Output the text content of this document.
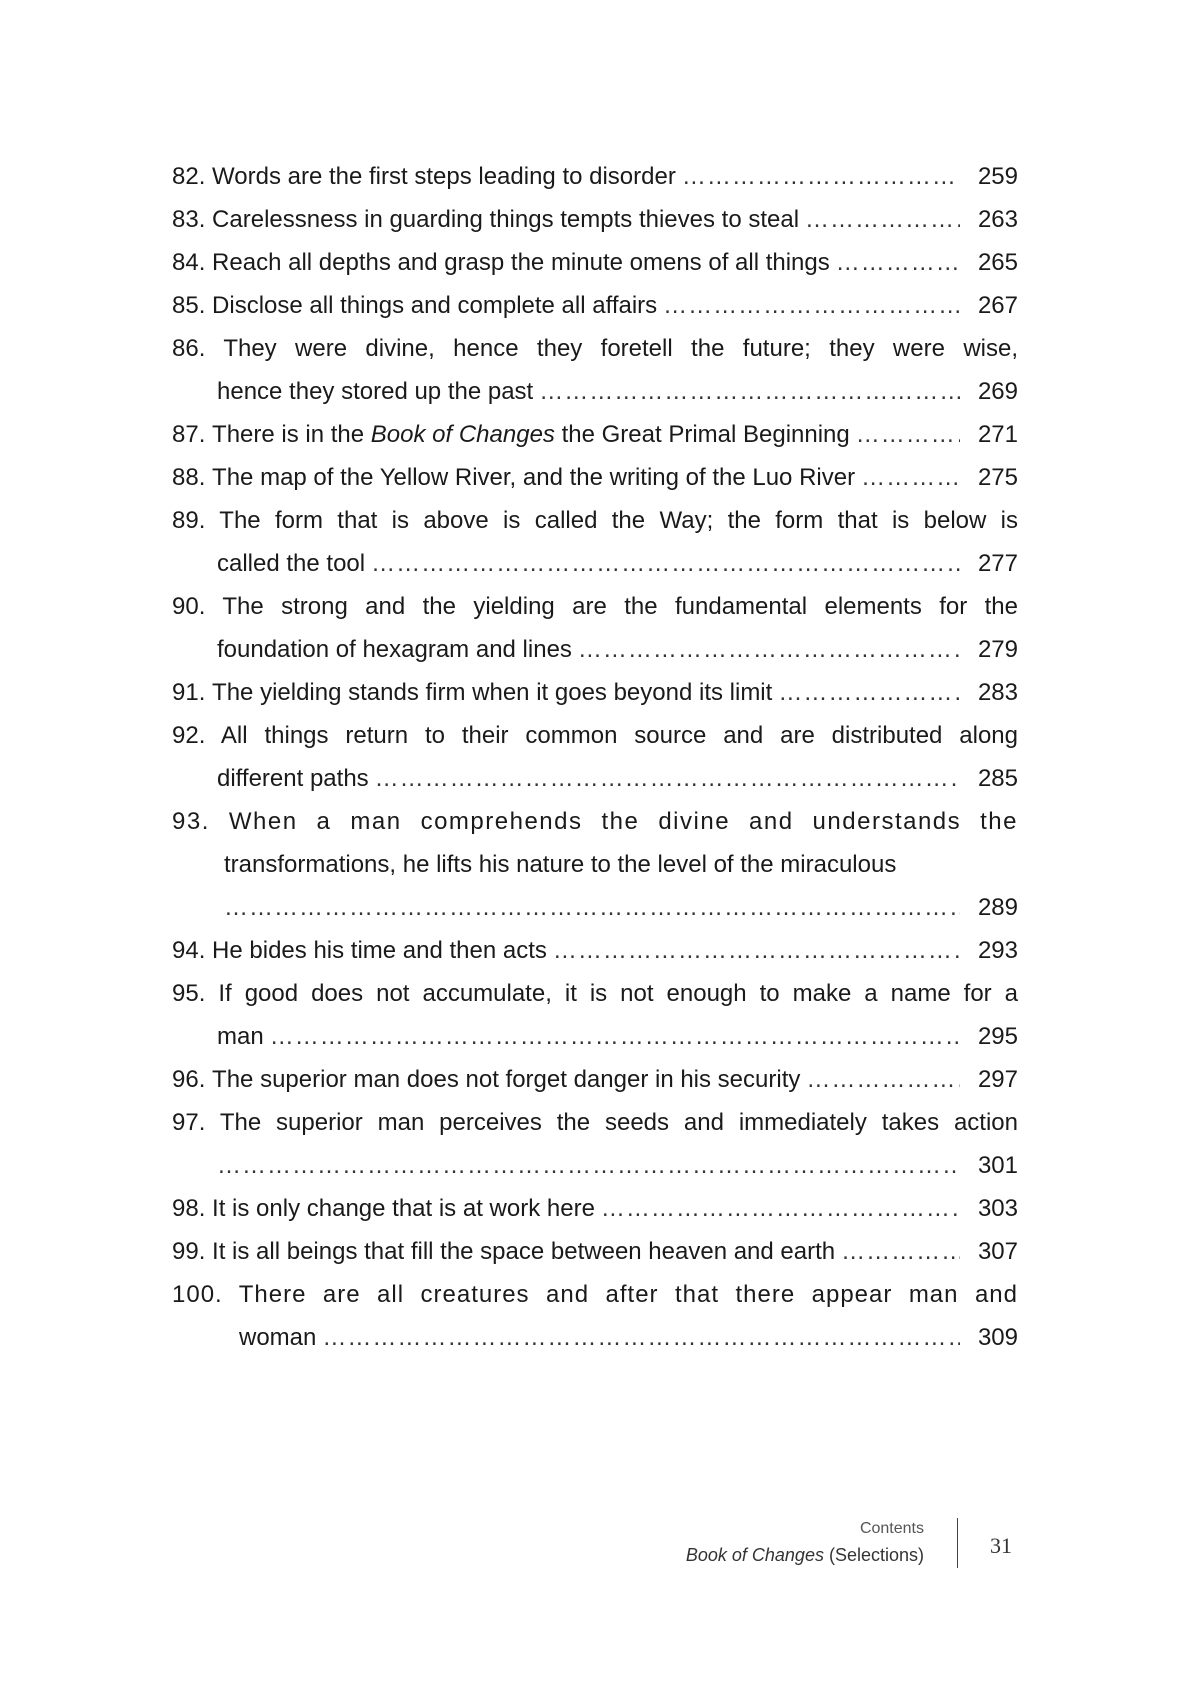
82.
Words are the first steps leading to disorder …………………………………………………………………………………………………………………………………………………………………………………………	259
83.
Carelessness in guarding things tempts thieves to steal …………………………………………………………………………………………………………………………………………………………………………………………	263
84.
Reach all depths and grasp the minute omens of all things …………………………………………………………………………………………………………………………………………………………………………………………	265
85.
Disclose all things and complete all affairs …………………………………………………………………………………………………………………………………………………………………………………………	267
86. They were divine, hence they foretell the future; they were wise,
hence they stored up the past …………………………………………………………………………………………………………………………………………………………………………………………	269
87.
There is in the Book of Changes the Great Primal Beginning …………………………………………………………………………………………………………………………………………………………………………………………	271
88.
The map of the Yellow River, and the writing of the Luo River …………………………………………………………………………………………………………………………………………………………………………………………	275
89. The form that is above is called the Way; the form that is below is
called the tool …………………………………………………………………………………………………………………………………………………………………………………………	277
90. The strong and the yielding are the fundamental elements for the
foundation of hexagram and lines …………………………………………………………………………………………………………………………………………………………………………………………	279
91.
The yielding stands firm when it goes beyond its limit …………………………………………………………………………………………………………………………………………………………………………………………	283
92. All things return to their common source and are distributed along
different paths …………………………………………………………………………………………………………………………………………………………………………………………	285
93. When a man comprehends the divine and understands the
transformations, he lifts his nature to the level of the miraculous
…………………………………………………………………………………………………………………………………………………………………………………………
289
94.
He bides his time and then acts …………………………………………………………………………………………………………………………………………………………………………………………	293
95. If good does not accumulate, it is not enough to make a name for a
man …………………………………………………………………………………………………………………………………………………………………………………………	295
96.
The superior man does not forget danger in his security …………………………………………………………………………………………………………………………………………………………………………………………	297
97. The superior man perceives the seeds and immediately takes action
…………………………………………………………………………………………………………………………………………………………………………………………
301
98.
It is only change that is at work here …………………………………………………………………………………………………………………………………………………………………………………………	303
99.
It is all beings that fill the space between heaven and earth …………………………………………………………………………………………………………………………………………………………………………………………	307
100. There are all creatures and after that there appear man and
woman …………………………………………………………………………………………………………………………………………………………………………………………	309
Contents
Book of Changes (Selections)	31
